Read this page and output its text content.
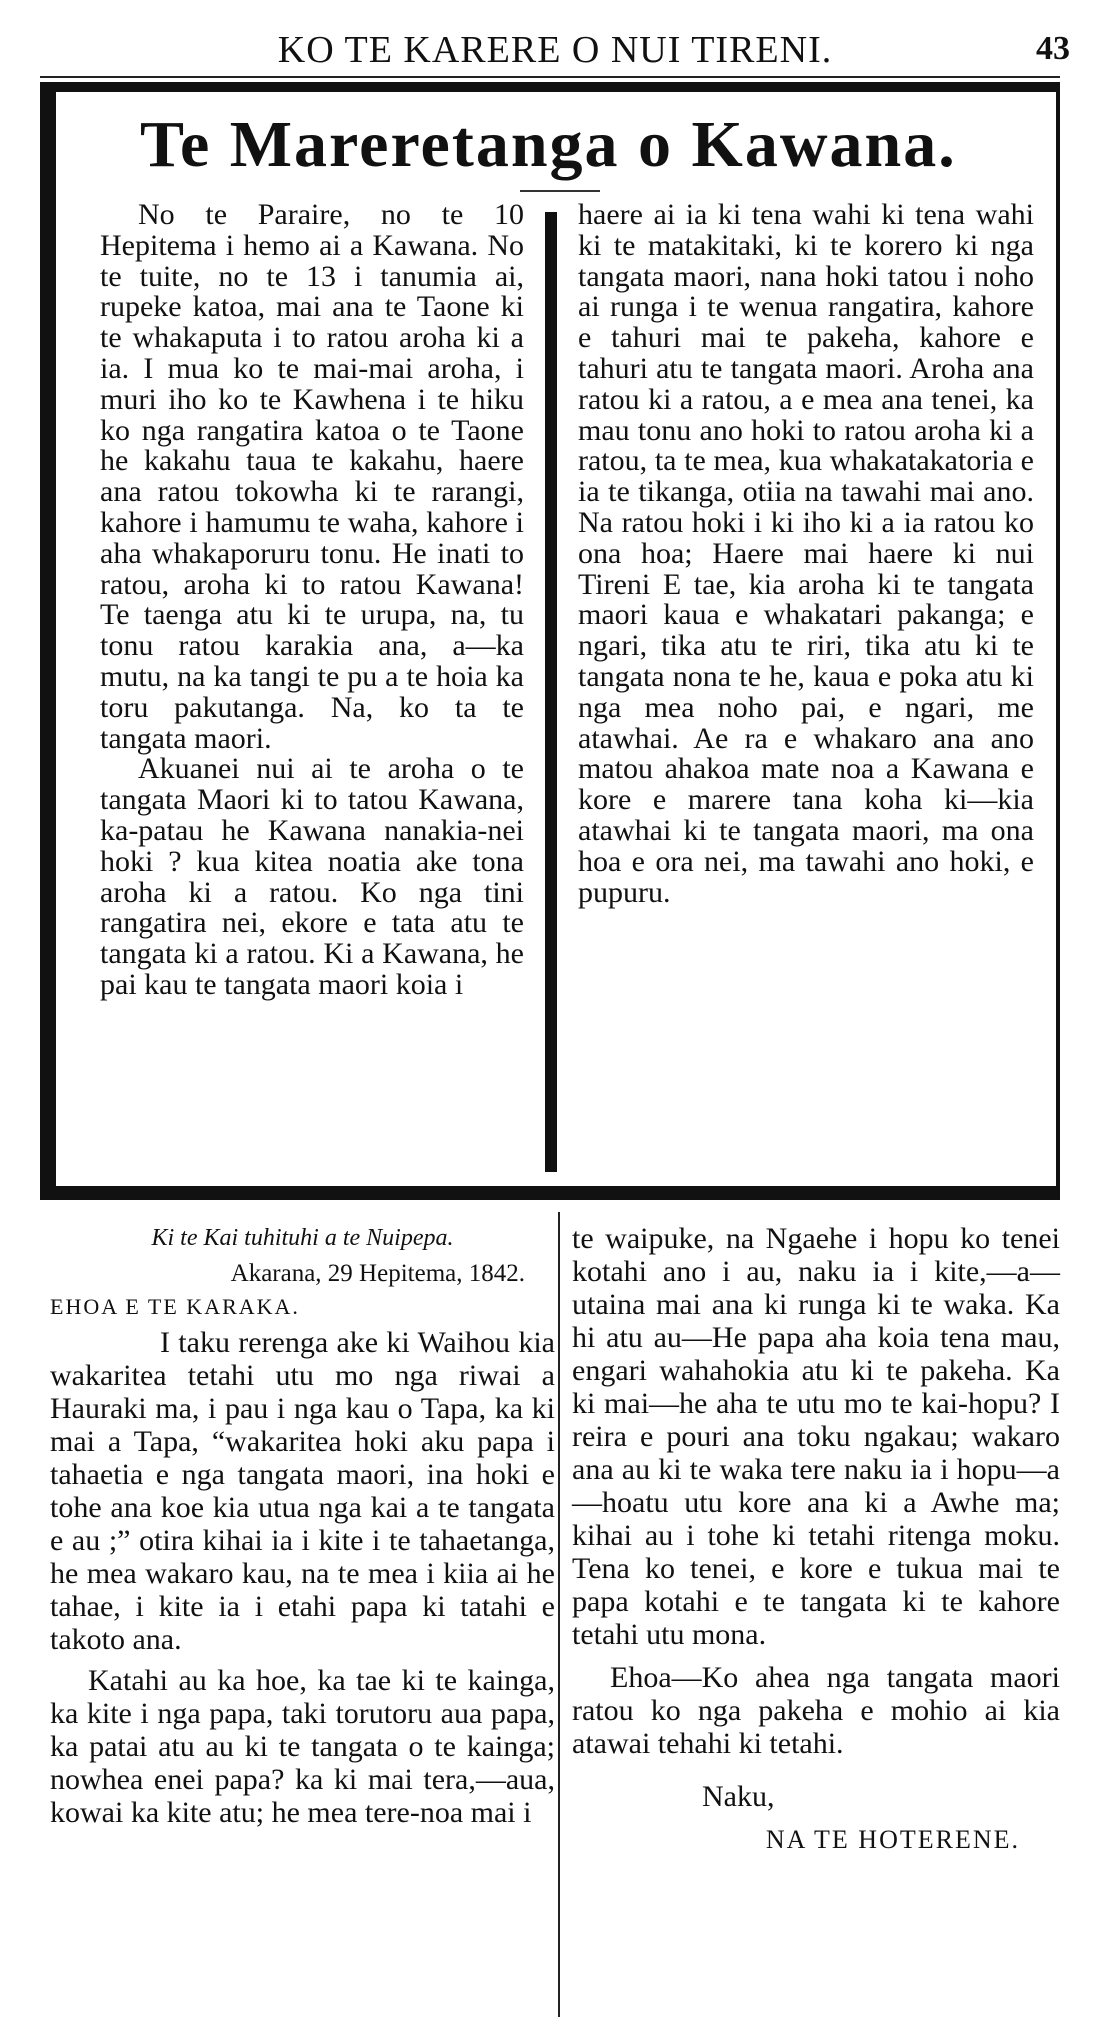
KO TE KARERE O NUI TIRENI.	43
Te Mareretanga o Kawana.

No te Paraire, no te 10 Hepitema i hemo ai a Kawana. No te tuite, no te 13 i tanumia ai, rupeke katoa, mai ana te Taone ki te whakaputa i to ratou aroha ki a ia. I mua ko te mai-mai aroha, i muri iho ko te Kawhena i te hiku ko nga rangatira katoa o te Taone he kakahu taua te kakahu, haere ana ratou tokowha ki te rarangi, kahore i hamumu te waha, kahore i aha whakaporuru tonu. He inati to ratou, aroha ki to ratou Kawana! Te taenga atu ki te urupa, na, tu tonu ratou karakia ana, a—ka mutu, na ka tangi te pu a te hoia ka toru pakutanga. Na, ko ta te tangata maori.

Akuanei nui ai te aroha o te tangata Maori ki to tatou Kawana, ka-patau he Kawana nanakia-nei hoki ? kua kitea noatia ake tona aroha ki a ratou. Ko nga tini rangatira nei, ekore e tata atu te tangata ki a ratou. Ki a Kawana, he pai kau te tangata maori koia i

haere ai ia ki tena wahi ki tena wahi ki te matakitaki, ki te korero ki nga tangata maori, nana hoki tatou i noho ai runga i te wenua rangatira, kahore e tahuri mai te pakeha, kahore e tahuri atu te tangata maori. Aroha ana ratou ki a ratou, a e mea ana tenei, ka mau tonu ano hoki to ratou aroha ki a ratou, ta te mea, kua whakatakatoria e ia te tikanga, otiia na tawahi mai ano. Na ratou hoki i ki iho ki a ia ratou ko ona hoa; Haere mai haere ki nui Tireni E tae, kia aroha ki te tangata maori kaua e whakatari pakanga; e ngari, tika atu te riri, tika atu ki te tangata nona te he, kaua e poka atu ki nga mea noho pai, e ngari, me atawhai. Ae ra e whakaro ana ano matou ahakoa mate noa a Kawana e kore e marere tana koha ki—kia atawhai ki te tangata maori, ma ona hoa e ora nei, ma tawahi ano hoki, e pupuru.

Ki te Kai tuhituhi a te Nuipepa.

Akarana, 29 Hepitema, 1842.

EHOA E TE KARAKA.

I taku rerenga ake ki Waihou kia wakaritea tetahi utu mo nga riwai a Hauraki ma, i pau i nga kau o Tapa, ka ki mai a Tapa, “wakaritea hoki aku papa i tahaetia e nga tangata maori, ina hoki e tohe ana koe kia utua nga kai a te tangata e au ;” otira kihai ia i kite i te tahaetanga, he mea wakaro kau, na te mea i kiia ai he tahae, i kite ia i etahi papa ki tatahi e takoto ana.

Katahi au ka hoe, ka tae ki te kainga, ka kite i nga papa, taki torutoru aua papa, ka patai atu au ki te tangata o te kainga; nowhea enei papa? ka ki mai tera,—aua, kowai ka kite atu; he mea tere-noa mai i

te waipuke, na Ngaehe i hopu ko tenei kotahi ano i au, naku ia i kite,—a—utaina mai ana ki runga ki te waka. Ka hi atu au—He papa aha koia tena mau, engari wahahokia atu ki te pakeha. Ka ki mai—he aha te utu mo te kai-hopu? I reira e pouri ana toku ngakau; wakaro ana au ki te waka tere naku ia i hopu—a—hoatu utu kore ana ki a Awhe ma; kihai au i tohe ki tetahi ritenga moku. Tena ko tenei, e kore e tukua mai te papa kotahi e te tangata ki te kahore tetahi utu mona.

Ehoa—Ko ahea nga tangata maori ratou ko nga pakeha e mohio ai kia atawai tehahi ki tetahi.

Naku,

NA TE HOTERENE.
